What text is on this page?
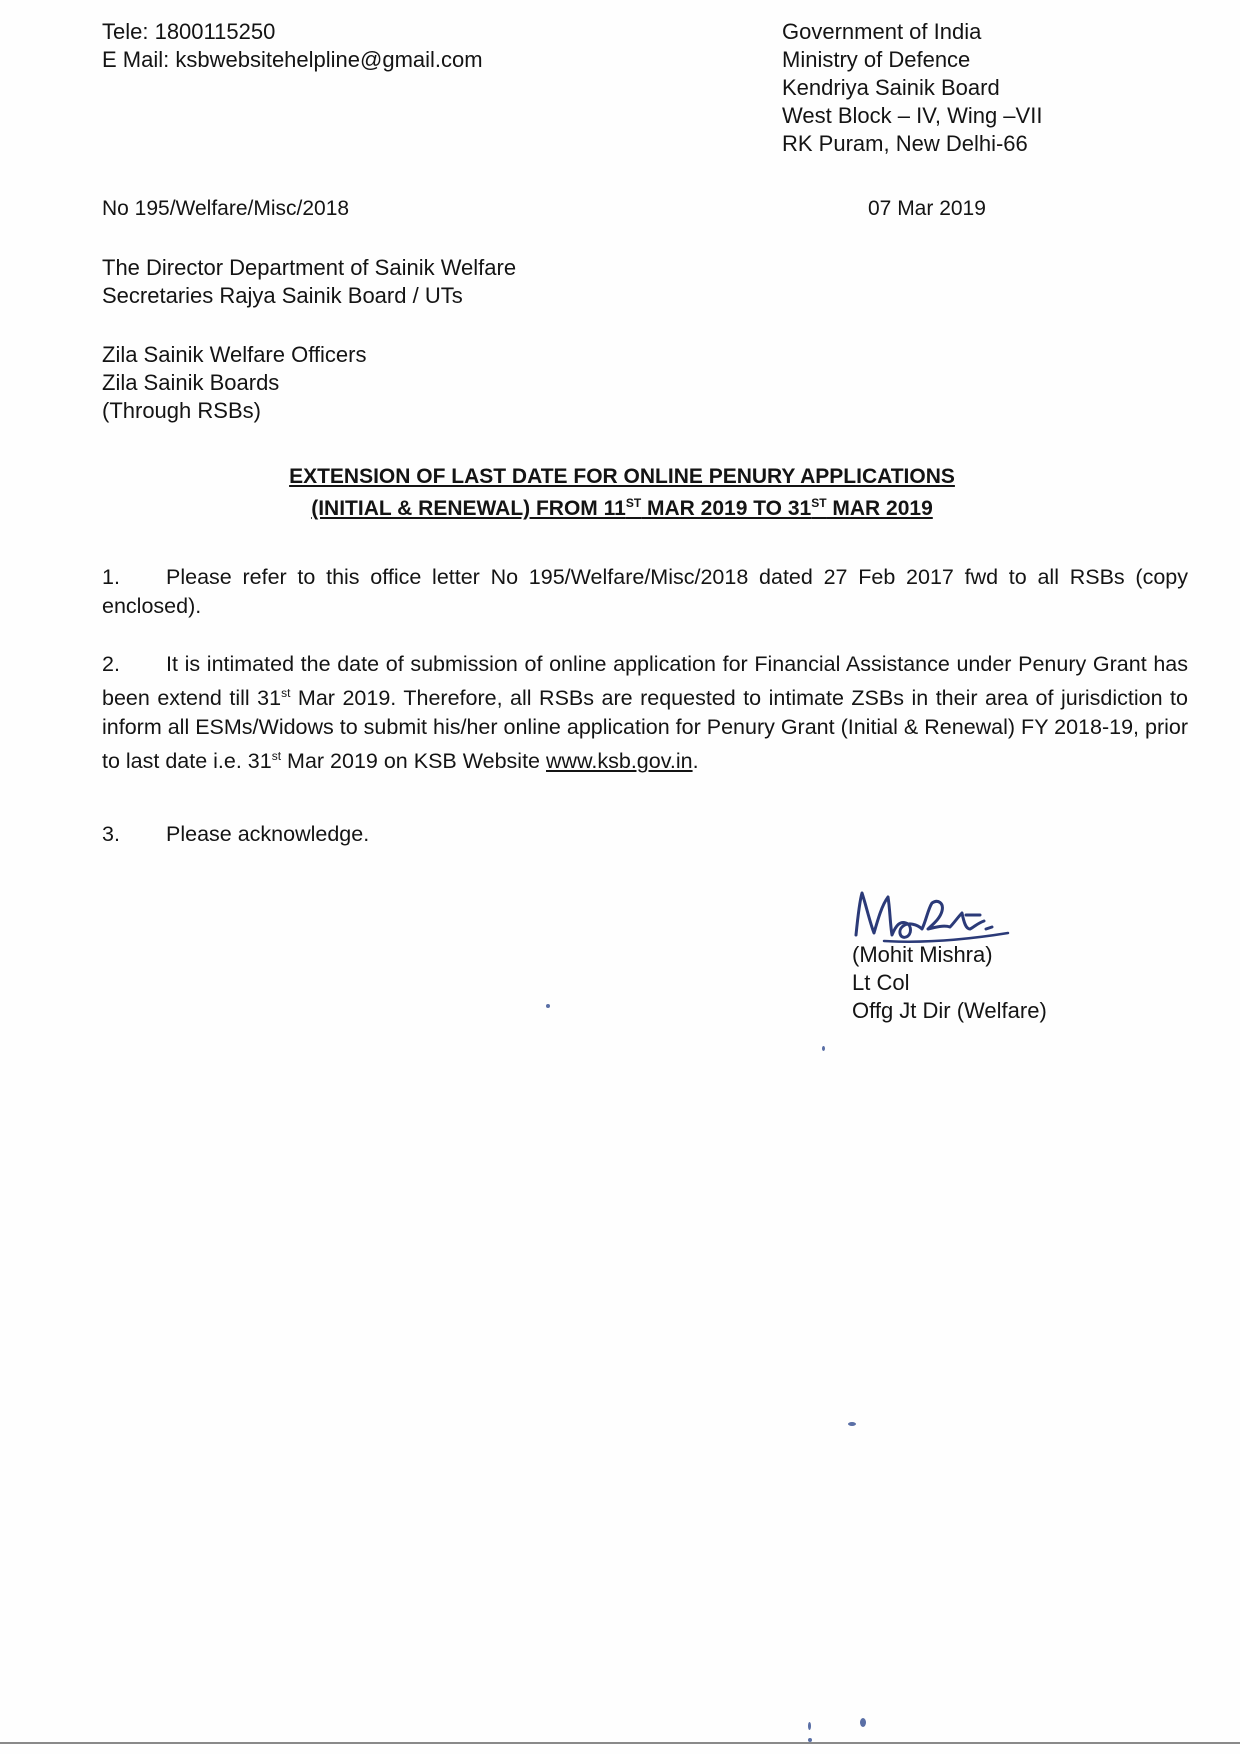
Tele: 1800115250
E Mail: ksbwebsitehelpline@gmail.com
Government of India
Ministry of Defence
Kendriya Sainik Board
West Block – IV, Wing –VII
RK Puram, New Delhi-66
No 195/Welfare/Misc/2018	07 Mar 2019
The Director Department of Sainik Welfare
Secretaries Rajya Sainik Board / UTs
Zila Sainik Welfare Officers
Zila Sainik Boards
(Through RSBs)
EXTENSION OF LAST DATE FOR ONLINE PENURY APPLICATIONS
(INITIAL & RENEWAL) FROM 11ST MAR 2019 TO 31ST MAR 2019
1. Please refer to this office letter No 195/Welfare/Misc/2018 dated 27 Feb 2017 fwd to all RSBs (copy enclosed).
2. It is intimated the date of submission of online application for Financial Assistance under Penury Grant has been extend till 31st Mar 2019. Therefore, all RSBs are requested to intimate ZSBs in their area of jurisdiction to inform all ESMs/Widows to submit his/her online application for Penury Grant (Initial & Renewal) FY 2018-19, prior to last date i.e. 31st Mar 2019 on KSB Website www.ksb.gov.in.
3. Please acknowledge.
(Mohit Mishra)
Lt Col
Offg Jt Dir (Welfare)
